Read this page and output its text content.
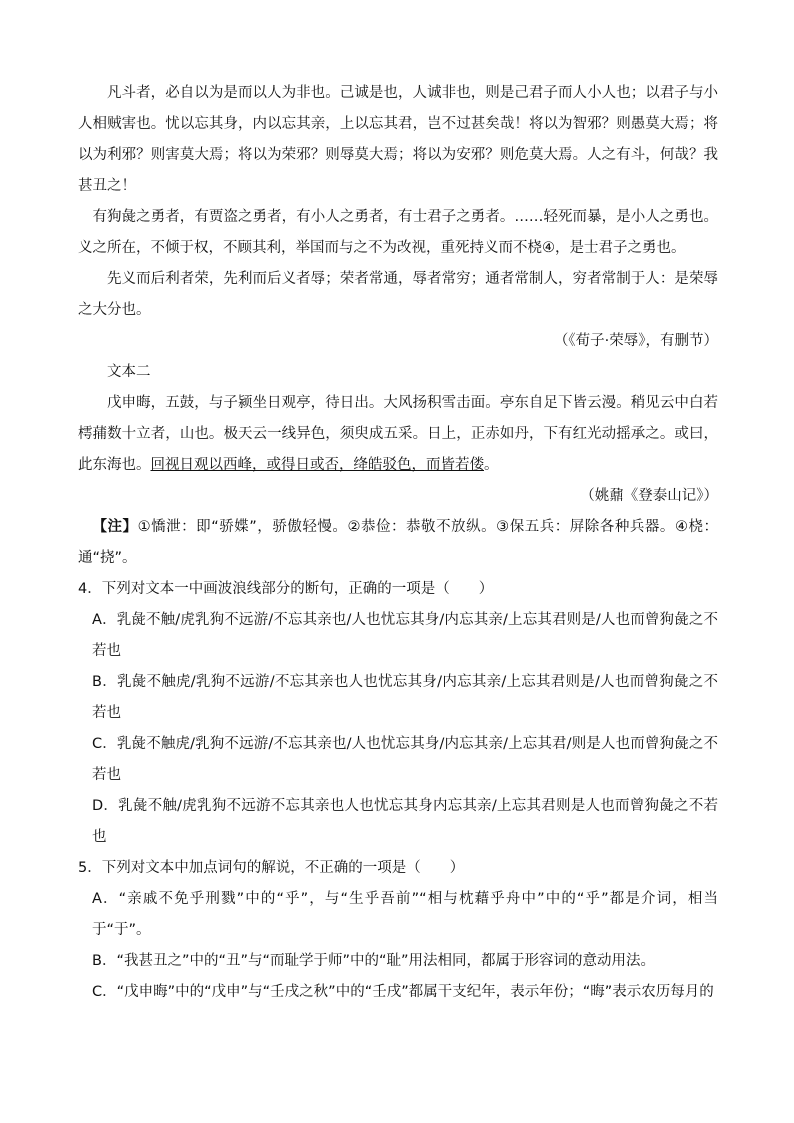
凡斗者，必自以为是而以人为非也。己诚是也，人诚非也，则是己君子而人小人也；以君子与小人相贼害也。忧以忘其身，内以忘其亲，上以忘其君，岂不过甚矣哉！将以为智邪？则愚莫大焉；将以为利邪？则害莫大焉；将以为荣邪？则辱莫大焉；将以为安邪？则危莫大焉。人之有斗，何哉？我甚丑之！

有狗彘之勇者，有贾盗之勇者，有小人之勇者，有士君子之勇者。……轻死而暴，是小人之勇也。义之所在，不倾于权，不顾其利，举国而与之不为改视，重死持义而不桡④，是士君子之勇也。

先义而后利者荣，先利而后义者辱；荣者常通，辱者常穷；通者常制人，穷者常制于人：是荣辱之大分也。

（《荀子·荣辱》，有删节）

文本二

戊申晦，五鼓，与子颍坐日观亭，待日出。大风扬积雪击面。亭东自足下皆云漫。稍见云中白若樗蒱数十立者，山也。极天云一线异色，须臾成五采。日上，正赤如丹，下有红光动摇承之。或曰，此东海也。回视日观以西峰，或得日或否，绛皓驳色，而皆若偻。

（姚鼐《登泰山记》）

【注】①憍泄：即“骄媟”，骄傲轻慢。②恭俭：恭敬不放纵。③保五兵：屏除各种兵器。④桡：通“挠”。

4．下列对文本一中画波浪线部分的断句，正确的一项是（　　）

A．乳彘不触/虎乳狗不远游/不忘其亲也/人也忧忘其身/内忘其亲/上忘其君则是/人也而曾狗彘之不若也

B．乳彘不触虎/乳狗不远游/不忘其亲也人也忧忘其身/内忘其亲/上忘其君则是/人也而曾狗彘之不若也

C．乳彘不触虎/乳狗不远游/不忘其亲也/人也忧忘其身/内忘其亲/上忘其君/则是人也而曾狗彘之不若也

D．乳彘不触/虎乳狗不远游不忘其亲也人也忧忘其身内忘其亲/上忘其君则是人也而曾狗彘之不若也

5．下列对文本中加点词句的解说，不正确的一项是（　　）

A．“亲戚不免乎刑戮”中的“乎”，与“生乎吾前”“相与枕藉乎舟中”中的“乎”都是介词，相当于“于”。

B．“我甚丑之”中的“丑”与“而耻学于师”中的“耻”用法相同，都属于形容词的意动用法。

C．“戊申晦”中的“戊申”与“壬戌之秋”中的“壬戌”都属干支纪年，表示年份；“晦”表示农历每月的
